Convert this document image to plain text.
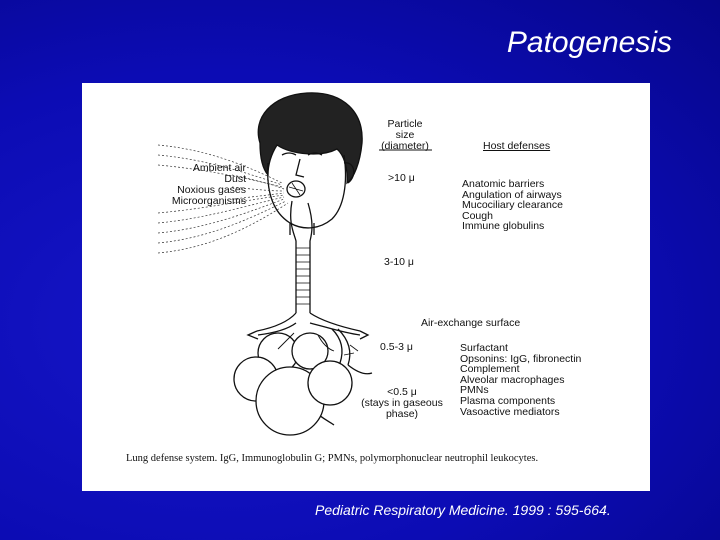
Patogenesis
Ambient air
Dust
Noxious gases
Microorganisms
Particle
size
(diameter)	Host defenses
>10 μ
3-10 μ
0.5-3 μ
<0.5 μ
(stays in gaseous
phase)
Anatomic barriers
Angulation of airways
Mucociliary clearance
Cough
Immune globulins
Air-exchange surface
Surfactant
Opsonins: IgG, fibronectin
Complement
Alveolar macrophages
PMNs
Plasma components
Vasoactive mediators
Lung defense system. IgG, Immunoglobulin G; PMNs, polymorphonuclear neutrophil leukocytes.
Pediatric Respiratory Medicine. 1999 : 595-664.
